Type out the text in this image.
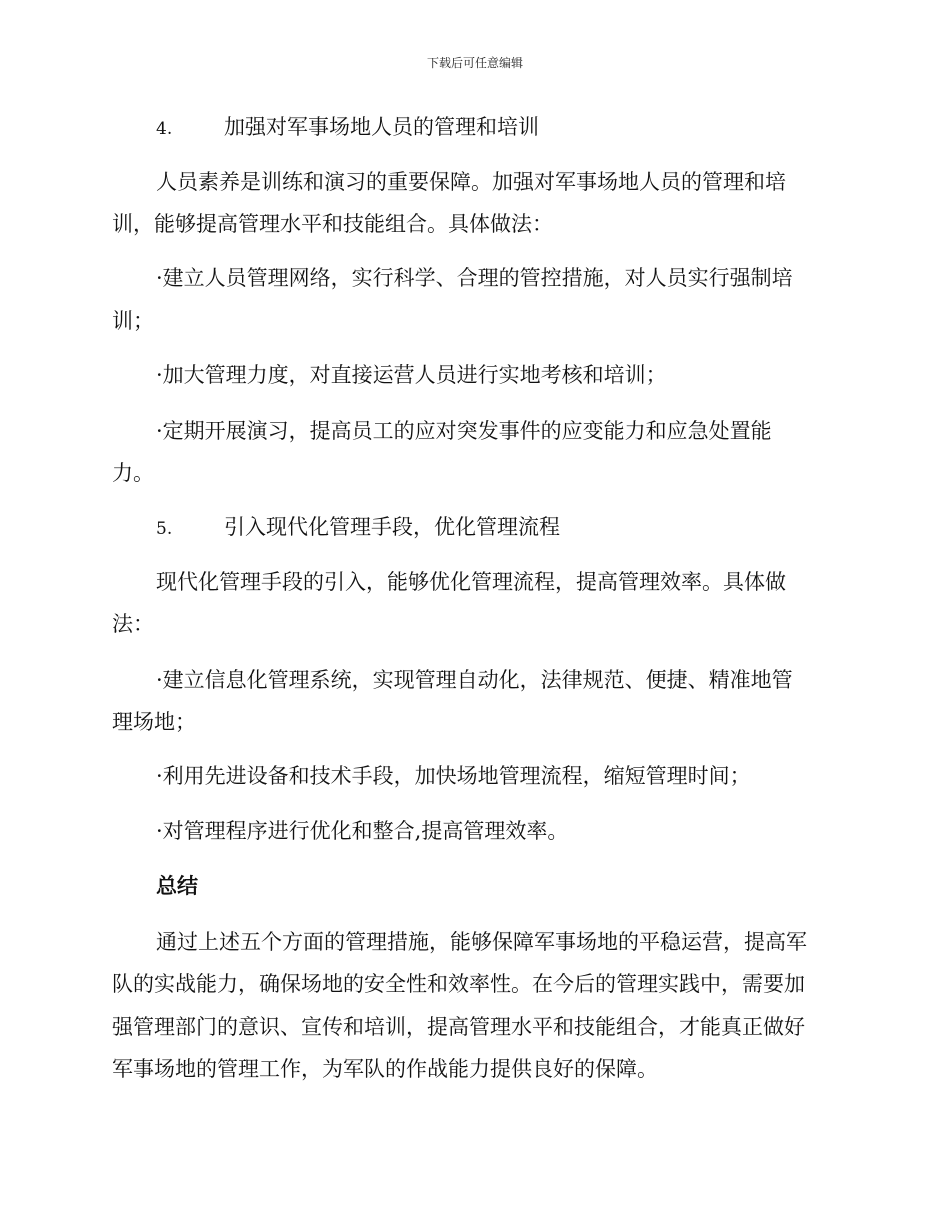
下载后可任意编辑
4. 加强对军事场地人员的管理和培训
人员素养是训练和演习的重要保障。加强对军事场地人员的管理和培
训，能够提高管理水平和技能组合。具体做法：
·建立人员管理网络，实行科学、合理的管控措施，对人员实行强制培
训；
·加大管理力度，对直接运营人员进行实地考核和培训；
·定期开展演习，提高员工的应对突发事件的应变能力和应急处置能
力。
5. 引入现代化管理手段，优化管理流程
现代化管理手段的引入，能够优化管理流程，提高管理效率。具体做
法：
·建立信息化管理系统，实现管理自动化，法律规范、便捷、精准地管
理场地；
·利用先进设备和技术手段，加快场地管理流程，缩短管理时间；
·对管理程序进行优化和整合,提高管理效率。
总结
通过上述五个方面的管理措施，能够保障军事场地的平稳运营，提高军
队的实战能力，确保场地的安全性和效率性。在今后的管理实践中，需要加
强管理部门的意识、宣传和培训，提高管理水平和技能组合，才能真正做好
军事场地的管理工作，为军队的作战能力提供良好的保障。
